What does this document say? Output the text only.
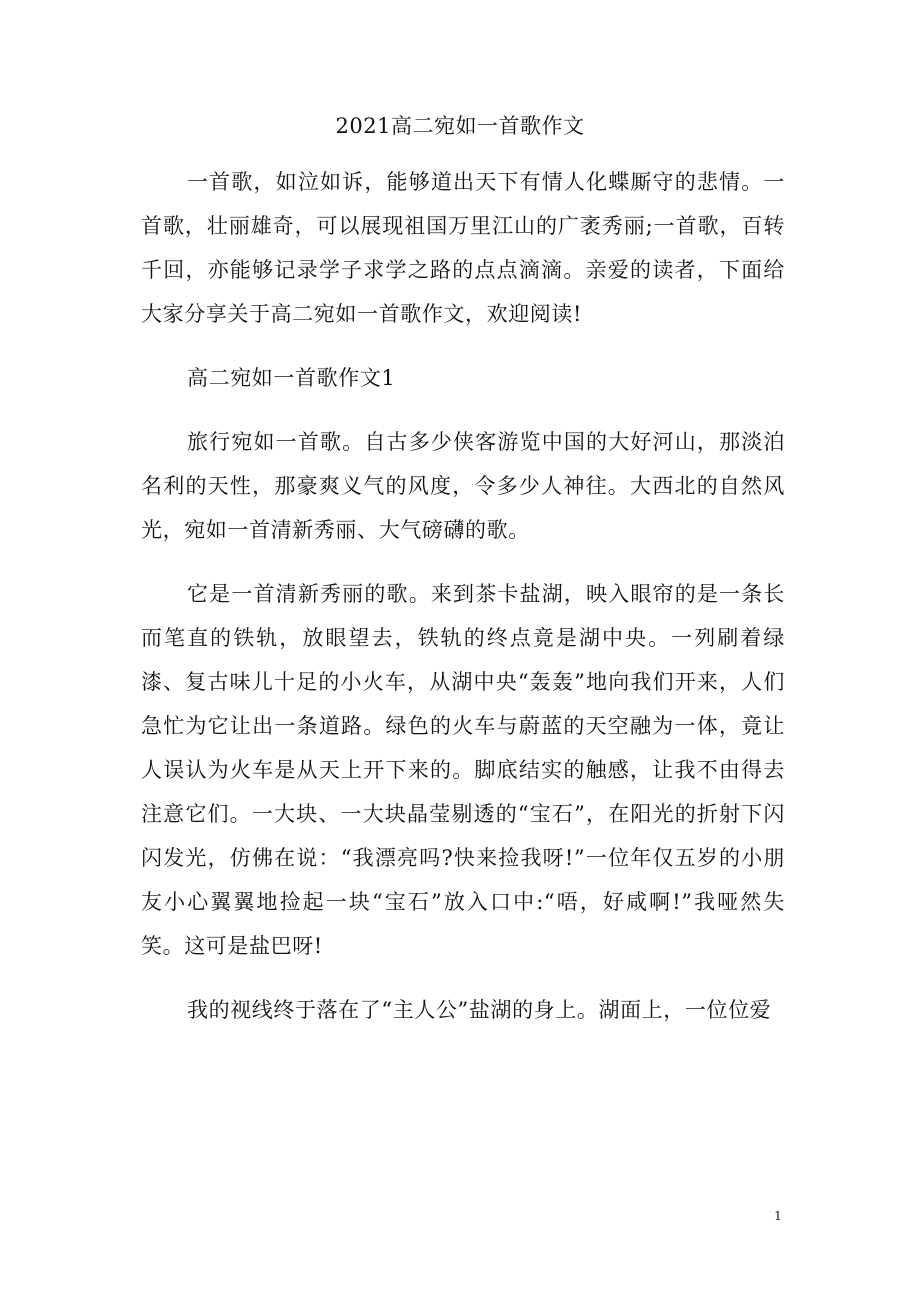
2021高二宛如一首歌作文

一首歌，如泣如诉，能够道出天下有情人化蝶厮守的悲情。一首歌，壮丽雄奇，可以展现祖国万里江山的广袤秀丽;一首歌，百转千回，亦能够记录学子求学之路的点点滴滴。亲爱的读者，下面给大家分享关于高二宛如一首歌作文，欢迎阅读!

高二宛如一首歌作文1

旅行宛如一首歌。自古多少侠客游览中国的大好河山，那淡泊名利的天性，那豪爽义气的风度，令多少人神往。大西北的自然风光，宛如一首清新秀丽、大气磅礴的歌。

它是一首清新秀丽的歌。来到茶卡盐湖，映入眼帘的是一条长而笔直的铁轨，放眼望去，铁轨的终点竟是湖中央。一列刷着绿漆、复古味儿十足的小火车，从湖中央“轰轰”地向我们开来，人们急忙为它让出一条道路。绿色的火车与蔚蓝的天空融为一体，竟让人误认为火车是从天上开下来的。脚底结实的触感，让我不由得去注意它们。一大块、一大块晶莹剔透的“宝石”，在阳光的折射下闪闪发光，仿佛在说：“我漂亮吗?快来捡我呀!”一位年仅五岁的小朋友小心翼翼地捡起一块“宝石”放入口中:“唔，好咸啊!”我哑然失笑。这可是盐巴呀!

我的视线终于落在了“主人公”盐湖的身上。湖面上，一位位爱

1
